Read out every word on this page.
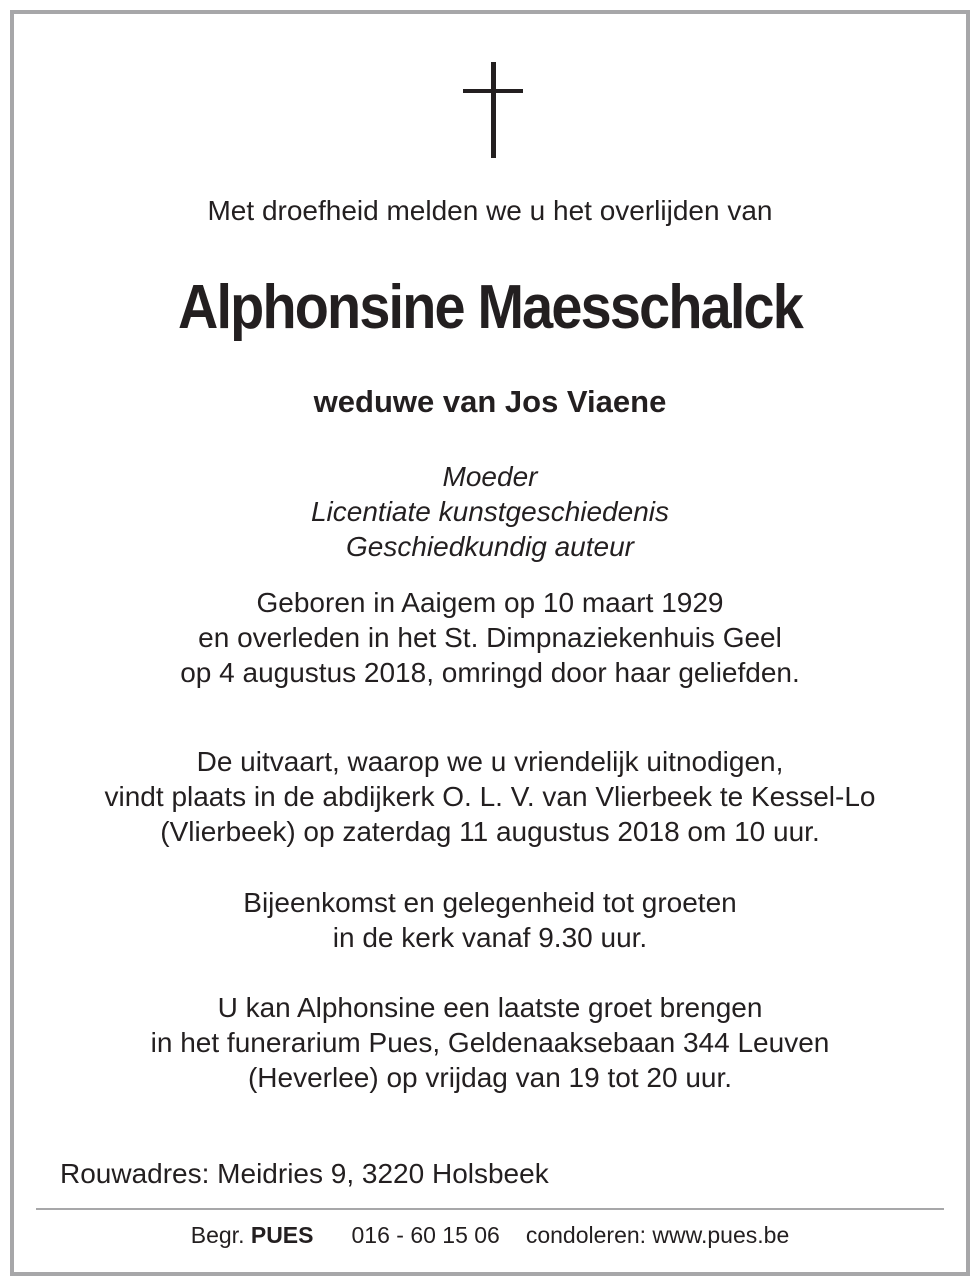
Met droefheid melden we u het overlijden van
Alphonsine Maesschalck
weduwe van Jos Viaene
Moeder
Licentiate kunstgeschiedenis
Geschiedkundig auteur
Geboren in Aaigem op 10 maart 1929
en overleden in het St. Dimpnaziekenhuis Geel
op 4 augustus 2018, omringd door haar geliefden.
De uitvaart, waarop we u vriendelijk uitnodigen,
vindt plaats in de abdijkerk O. L. V. van Vlierbeek te Kessel-Lo
(Vlierbeek) op zaterdag 11 augustus 2018 om 10 uur.
Bijeenkomst en gelegenheid tot groeten
in de kerk vanaf 9.30 uur.
U kan Alphonsine een laatste groet brengen
in het funerarium Pues, Geldenaaksebaan 344 Leuven
(Heverlee) op vrijdag van 19 tot 20 uur.
Rouwadres: Meidries 9, 3220 Holsbeek
Begr. PUES 016 - 60 15 06 condoleren: www.pues.be
